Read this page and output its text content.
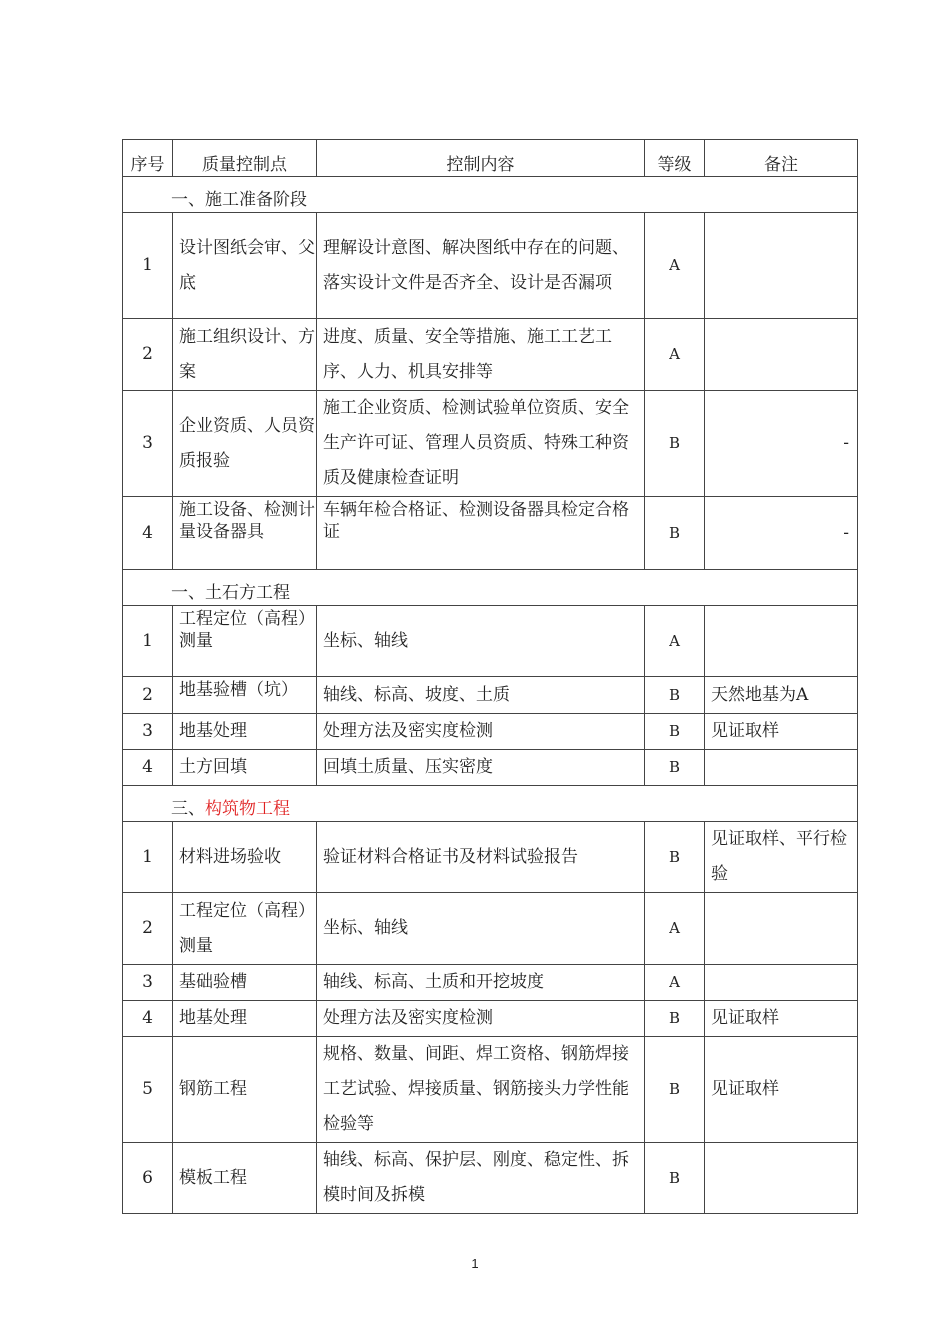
序号	质量控制点	控制内容	等级	备注
一、施工准备阶段				
1	设计图纸会审、父底	理解设计意图、解决图纸中存在的问题、落实设计文件是否齐全、设计是否漏项	A	
2	施工组织设计、方案	进度、质量、安全等措施、施工工艺工序、人力、机具安排等	A	
3	企业资质、人员资质报验	施工企业资质、检测试验单位资质、安全生产许可证、管理人员资质、特殊工种资质及健康检查证明	B	-
4	施工设备、检测计量设备器具	车辆年检合格证、检测设备器具检定合格证	B	-
一、土石方工程				
1	工程定位（高程）测量	坐标、轴线	A	
2	地基验槽（坑）	轴线、标高、坡度、土质	B	天然地基为A
3	地基处理	处理方法及密实度检测	B	见证取样
4	土方回填	回填土质量、压实密度	B	
三、构筑物工程				
1	材料进场验收	验证材料合格证书及材料试验报告	B	见证取样、平行检验
2	工程定位（高程）测量	坐标、轴线	A	
3	基础验槽	轴线、标高、土质和开挖坡度	A	
4	地基处理	处理方法及密实度检测	B	见证取样
5	钢筋工程	规格、数量、间距、焊工资格、钢筋焊接工艺试验、焊接质量、钢筋接头力学性能检验等	B	见证取样
6	模板工程	轴线、标高、保护层、刚度、稳定性、拆模时间及拆模	B	
1
